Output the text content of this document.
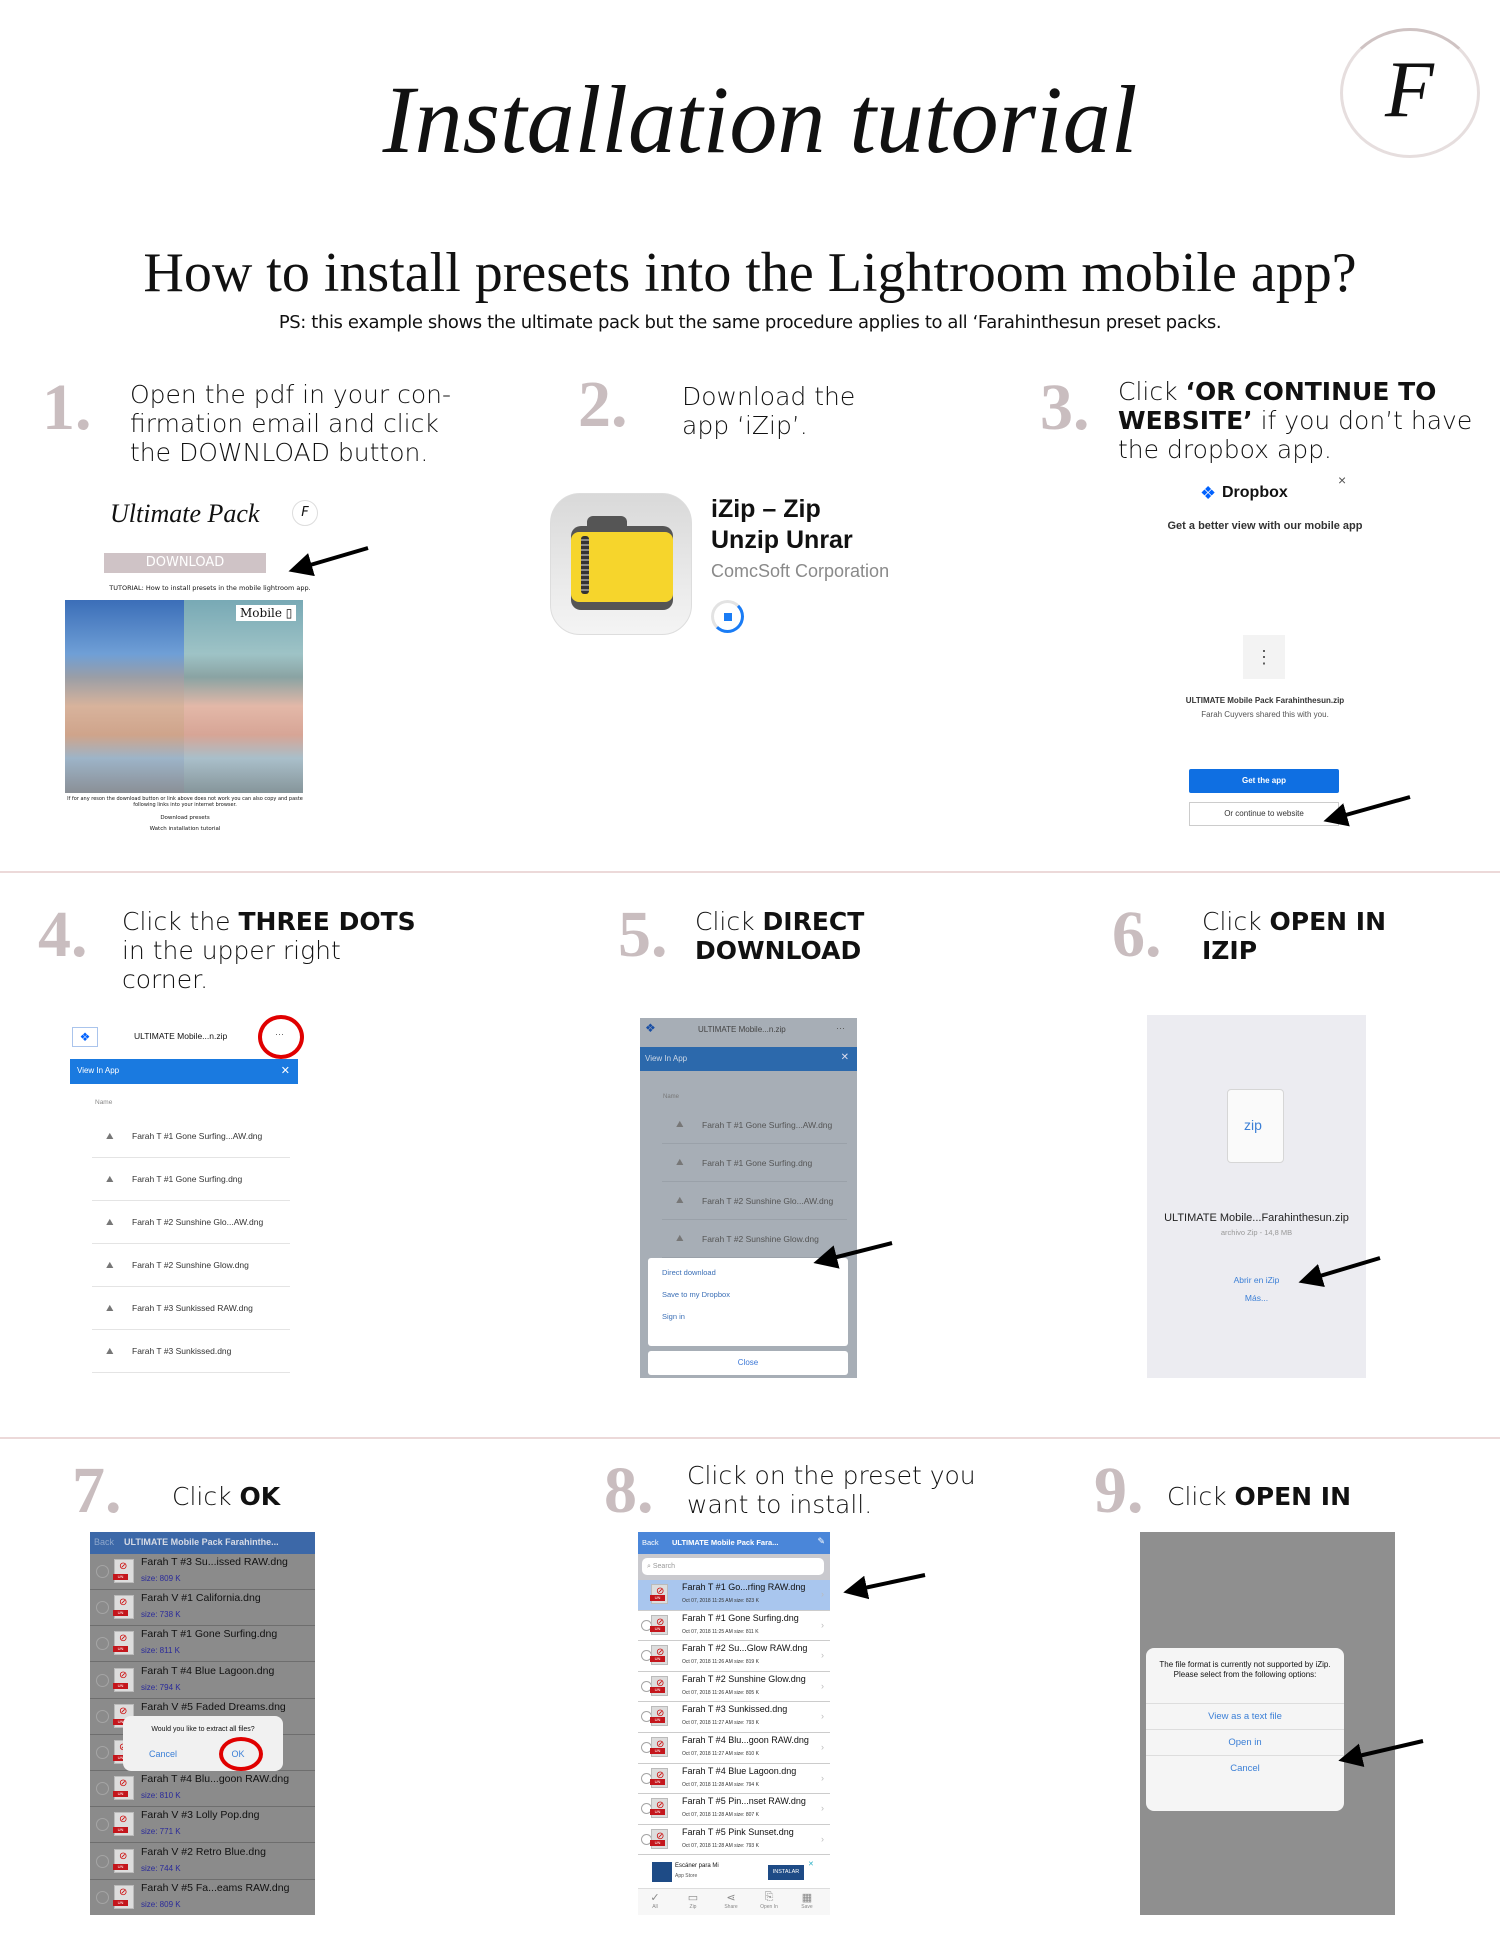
Installation tutorial	F
How to install presets into the Lightroom mobile app?
PS: this example shows the ultimate pack but the same procedure applies to all ‘Farahinthesun preset packs.
1. Open the pdf in your con-
firmation email and click
the DOWNLOAD button.
2. Download the
app ‘iZip’.	3. Click ‘OR CONTINUE TO
WEBSITE’ if you don’t have
the dropbox app.
4. Click the THREE DOTS
in the upper right
corner.
5. Click DIRECT
DOWNLOAD	6. Click OPEN IN
IZIP
7. Click OK	8. Click on the preset you
want to install.	9. Click OPEN IN
Ultimate Pack	F
DOWNLOAD
TUTORIAL: How to install presets in the mobile lightroom app.
Mobile ▯
If for any reson the download button or link above does not work you can also copy and paste following links into your internet browser.
Download presets
Watch installation tutorial
iZip – Zip
Unzip Unrar
ComcSoft Corporation
❖ Dropbox
×
Get a better view with our mobile app
⋮
ULTIMATE Mobile Pack Farahinthesun.zip
Farah Cuyvers shared this with you.
Get the app
Or continue to website
❖	ULTIMATE Mobile...n.zip	···
View In App	✕
Name
⛰	Farah T #1 Gone Surfing...AW.dng
⛰	Farah T #1 Gone Surfing.dng
⛰	Farah T #2 Sunshine Glo...AW.dng
⛰	Farah T #2 Sunshine Glow.dng
⛰	Farah T #3 Sunkissed RAW.dng
⛰	Farah T #3 Sunkissed.dng
❖	ULTIMATE Mobile...n.zip	···
View In App	✕
Name
⛰	Farah T #1 Gone Surfing...AW.dng
⛰	Farah T #1 Gone Surfing.dng
⛰	Farah T #2 Sunshine Glo...AW.dng
⛰	Farah T #2 Sunshine Glow.dng
Direct download
Save to my Dropbox
Sign in
Close
zip
ULTIMATE Mobile...Farahinthesun.zip
archivo Zip - 14,8 MB
Abrir en iZip
Más...
Back ULTIMATE Mobile Pack Farahinthe...
UN
⊘
Farah T #3 Su...issed RAW.dng
size: 809 K
UN
⊘
Farah V #1 California.dng
size: 738 K
UN
⊘
Farah T #1 Gone Surfing.dng
size: 811 K
UN
⊘
Farah T #4 Blue Lagoon.dng
size: 794 K
UN
⊘
Farah V #5 Faded Dreams.dng
UN
⊘
UN
⊘
Farah T #4 Blu...goon RAW.dng
size: 810 K
UN
⊘
Farah V #3 Lolly Pop.dng
size: 771 K
UN
⊘
Farah V #2 Retro Blue.dng
size: 744 K
UN
⊘
Farah V #5 Fa...eams RAW.dng
size: 809 K
Would you like to extract all files?
Cancel	OK
Back ULTIMATE Mobile Pack Fara...	✎
⌕ Search
UN
⊘
Farah T #1 Go...rfing RAW.dng
Oct 07, 2018 11:25 AM size: 823 K
›
UN
⊘
Farah T #1 Gone Surfing.dng
Oct 07, 2018 11:25 AM size: 811 K
›
UN
⊘
Farah T #2 Su...Glow RAW.dng
Oct 07, 2018 11:26 AM size: 819 K
›
UN
⊘
Farah T #2 Sunshine Glow.dng
Oct 07, 2018 11:26 AM size: 805 K
›
UN
⊘
Farah T #3 Sunkissed.dng
Oct 07, 2018 11:27 AM size: 793 K
›
UN
⊘
Farah T #4 Blu...goon RAW.dng
Oct 07, 2018 11:27 AM size: 810 K
›
UN
⊘
Farah T #4 Blue Lagoon.dng
Oct 07, 2018 11:28 AM size: 794 K
›
UN
⊘
Farah T #5 Pin...nset RAW.dng
Oct 07, 2018 11:28 AM size: 807 K
›
UN
⊘
Farah T #5 Pink Sunset.dng
Oct 07, 2018 11:28 AM size: 793 K
›
Escáner para Mi
App Store
INSTALAR
✕
✓
All
▭
Zip
⋖
Share
⎘
Open In
▦
Save
The file format is currently not supported by iZip. Please select from the following options:
View as a text file
Open in
Cancel
